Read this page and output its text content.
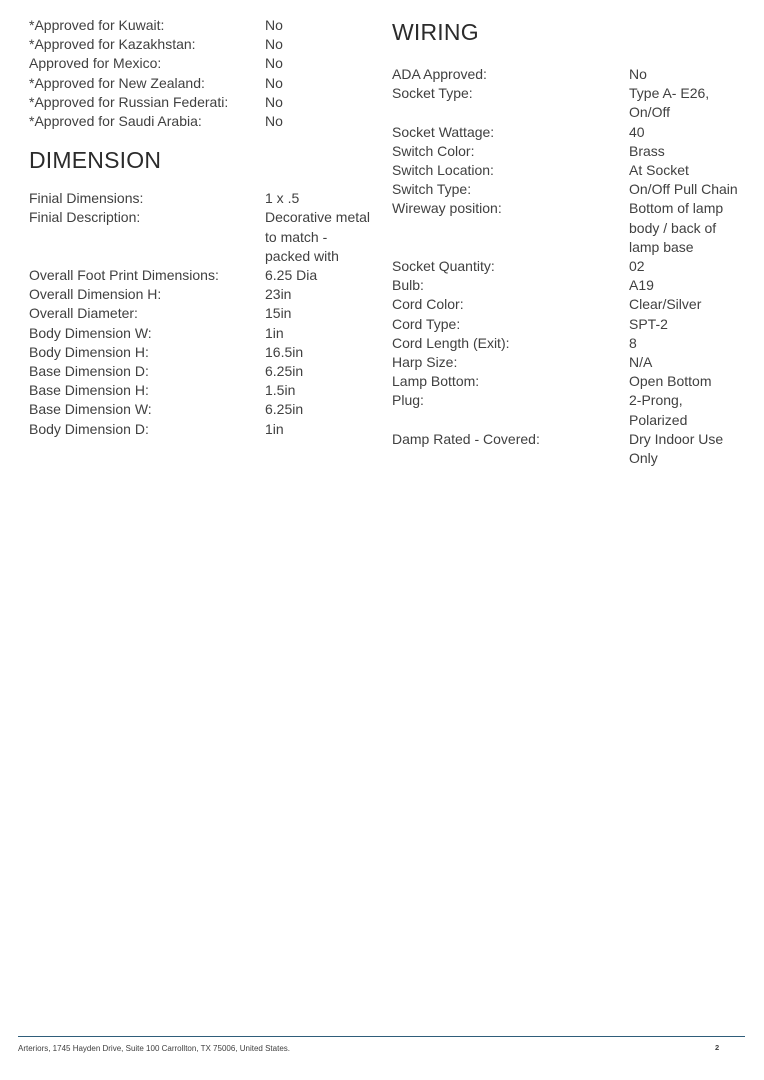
*Approved for Kuwait:	No
*Approved for Kazakhstan:	No
Approved for Mexico:	No
*Approved for New Zealand:	No
*Approved for Russian Federati:	No
*Approved for Saudi Arabia:	No
DIMENSION
Finial Dimensions:	1 x .5
Finial Description:	Decorative metal to match - packed with
Overall Foot Print Dimensions:	6.25 Dia
Overall Dimension H:	23in
Overall Diameter:	15in
Body Dimension W:	1in
Body Dimension H:	16.5in
Base Dimension D:	6.25in
Base Dimension H:	1.5in
Base Dimension W:	6.25in
Body Dimension D:	1in
WIRING
ADA Approved:	No
Socket Type:	Type A- E26, On/Off
Socket Wattage:	40
Switch Color:	Brass
Switch Location:	At Socket
Switch Type:	On/Off Pull Chain
Wireway position:	Bottom of lamp body / back of lamp base
Socket Quantity:	02
Bulb:	A19
Cord Color:	Clear/Silver
Cord Type:	SPT-2
Cord Length (Exit):	8
Harp Size:	N/A
Lamp Bottom:	Open Bottom
Plug:	2-Prong, Polarized
Damp Rated - Covered:	Dry Indoor Use Only
Arteriors, 1745 Hayden Drive, Suite 100 Carrollton, TX 75006, United States.	2
